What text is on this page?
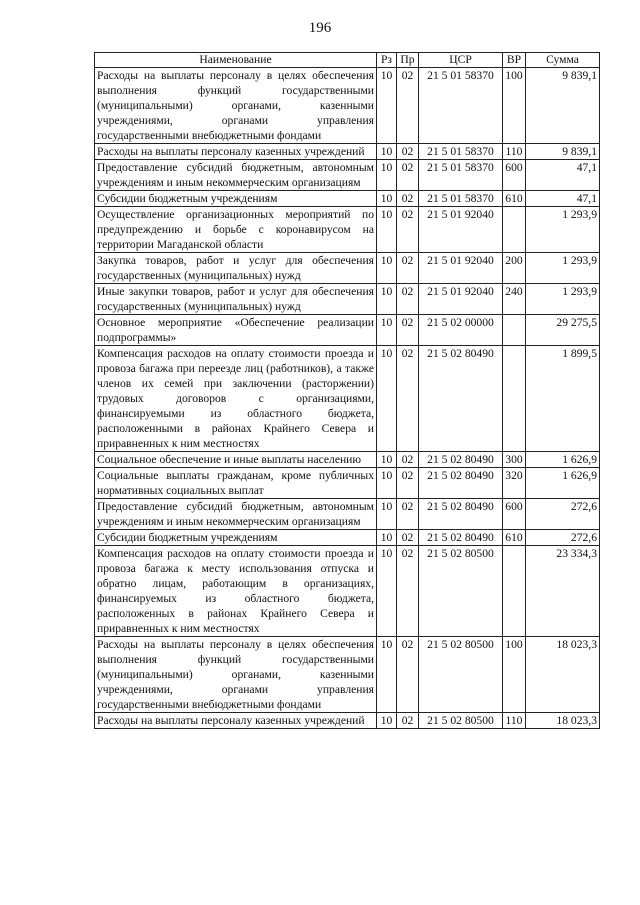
196
Наименование	Рз	Пр	ЦСР	ВР	Сумма
Расходы на выплаты персоналу в целях обеспечения выполнения функций государственными (муниципальными) органами, казенными учреждениями, органами управления государственными внебюджетными фондами	10	02	21 5 01 58370	100	9 839,1
Расходы на выплаты персоналу казенных учреждений	10	02	21 5 01 58370	110	9 839,1
Предоставление субсидий бюджетным, автономным учреждениям и иным некоммерческим организациям	10	02	21 5 01 58370	600	47,1
Субсидии бюджетным учреждениям	10	02	21 5 01 58370	610	47,1
Осуществление организационных мероприятий по предупреждению и борьбе с коронавирусом на территории Магаданской области	10	02	21 5 01 92040		1 293,9
Закупка товаров, работ и услуг для обеспечения государственных (муниципальных) нужд	10	02	21 5 01 92040	200	1 293,9
Иные закупки товаров, работ и услуг для обеспечения государственных (муниципальных) нужд	10	02	21 5 01 92040	240	1 293,9
Основное мероприятие «Обеспечение реализации подпрограммы»	10	02	21 5 02 00000		29 275,5
Компенсация расходов на оплату стоимости проезда и провоза багажа при переезде лиц (работников), а также членов их семей при заключении (расторжении) трудовых договоров с организациями, финансируемыми из областного бюджета, расположенными в районах Крайнего Севера и приравненных к ним местностях	10	02	21 5 02 80490		1 899,5
Социальное обеспечение и иные выплаты населению	10	02	21 5 02 80490	300	1 626,9
Социальные выплаты гражданам, кроме публичных нормативных социальных выплат	10	02	21 5 02 80490	320	1 626,9
Предоставление субсидий бюджетным, автономным учреждениям и иным некоммерческим организациям	10	02	21 5 02 80490	600	272,6
Субсидии бюджетным учреждениям	10	02	21 5 02 80490	610	272,6
Компенсация расходов на оплату стоимости проезда и провоза багажа к месту использования отпуска и обратно лицам, работающим в организациях, финансируемых из областного бюджета, расположенных в районах Крайнего Севера и приравненных к ним местностях	10	02	21 5 02 80500		23 334,3
Расходы на выплаты персоналу в целях обеспечения выполнения функций государственными (муниципальными) органами, казенными учреждениями, органами управления государственными внебюджетными фондами	10	02	21 5 02 80500	100	18 023,3
Расходы на выплаты персоналу казенных учреждений	10	02	21 5 02 80500	110	18 023,3
